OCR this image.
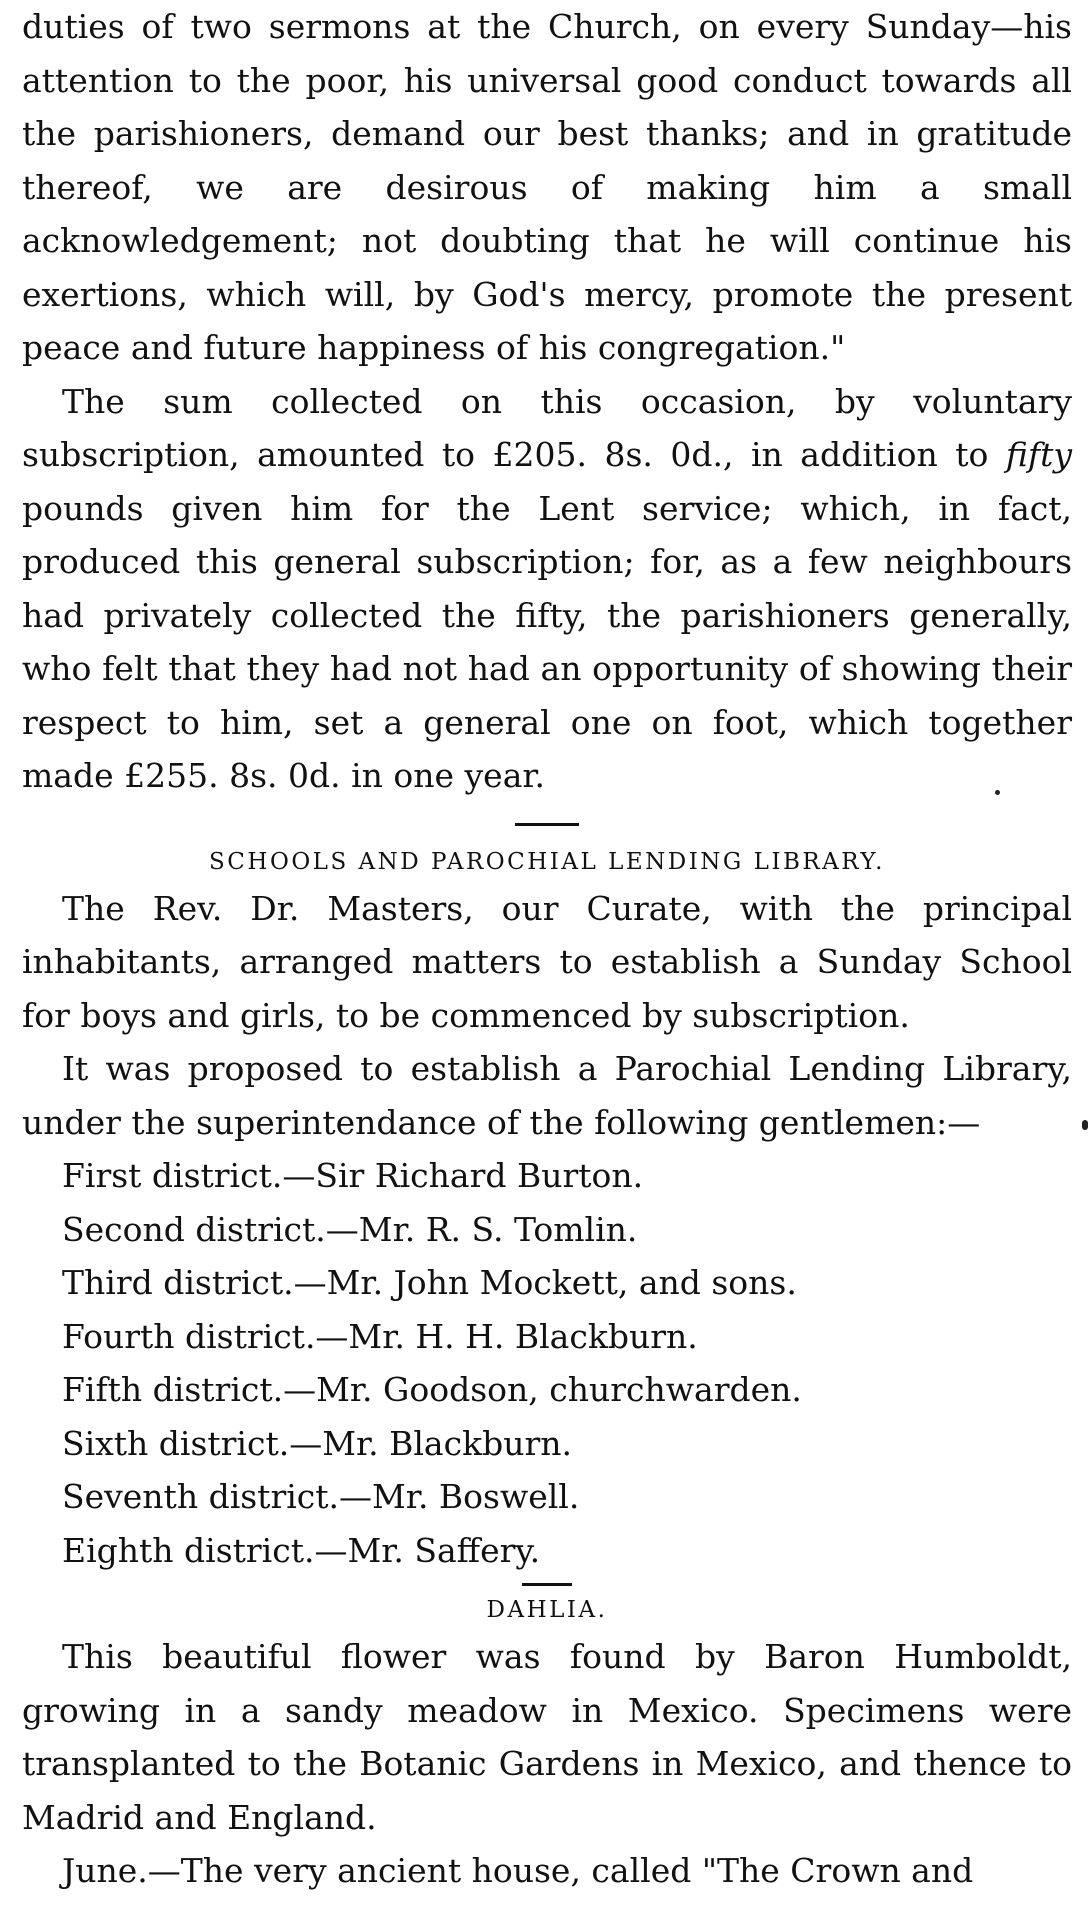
duties of two sermons at the Church, on every Sunday—his attention to the poor, his universal good conduct towards all the parishioners, demand our best thanks; and in gratitude thereof, we are desirous of making him a small acknowledgement; not doubting that he will continue his exertions, which will, by God's mercy, promote the present peace and future happiness of his congregation."

The sum collected on this occasion, by voluntary subscription, amounted to £205. 8s. 0d., in addition to fifty pounds given him for the Lent service; which, in fact, produced this general subscription; for, as a few neighbours had privately collected the fifty, the parishioners generally, who felt that they had not had an opportunity of showing their respect to him, set a general one on foot, which together made £255. 8s. 0d. in one year.

SCHOOLS AND PAROCHIAL LENDING LIBRARY.

The Rev. Dr. Masters, our Curate, with the principal inhabitants, arranged matters to establish a Sunday School for boys and girls, to be commenced by subscription.

It was proposed to establish a Parochial Lending Library, under the superintendance of the following gentlemen:—

First district.—Sir Richard Burton.

Second district.—Mr. R. S. Tomlin.

Third district.—Mr. John Mockett, and sons.

Fourth district.—Mr. H. H. Blackburn.

Fifth district.—Mr. Goodson, churchwarden.

Sixth district.—Mr. Blackburn.

Seventh district.—Mr. Boswell.

Eighth district.—Mr. Saffery.

DAHLIA.

This beautiful flower was found by Baron Humboldt, growing in a sandy meadow in Mexico. Specimens were transplanted to the Botanic Gardens in Mexico, and thence to Madrid and England.

June.—The very ancient house, called "The Crown and
